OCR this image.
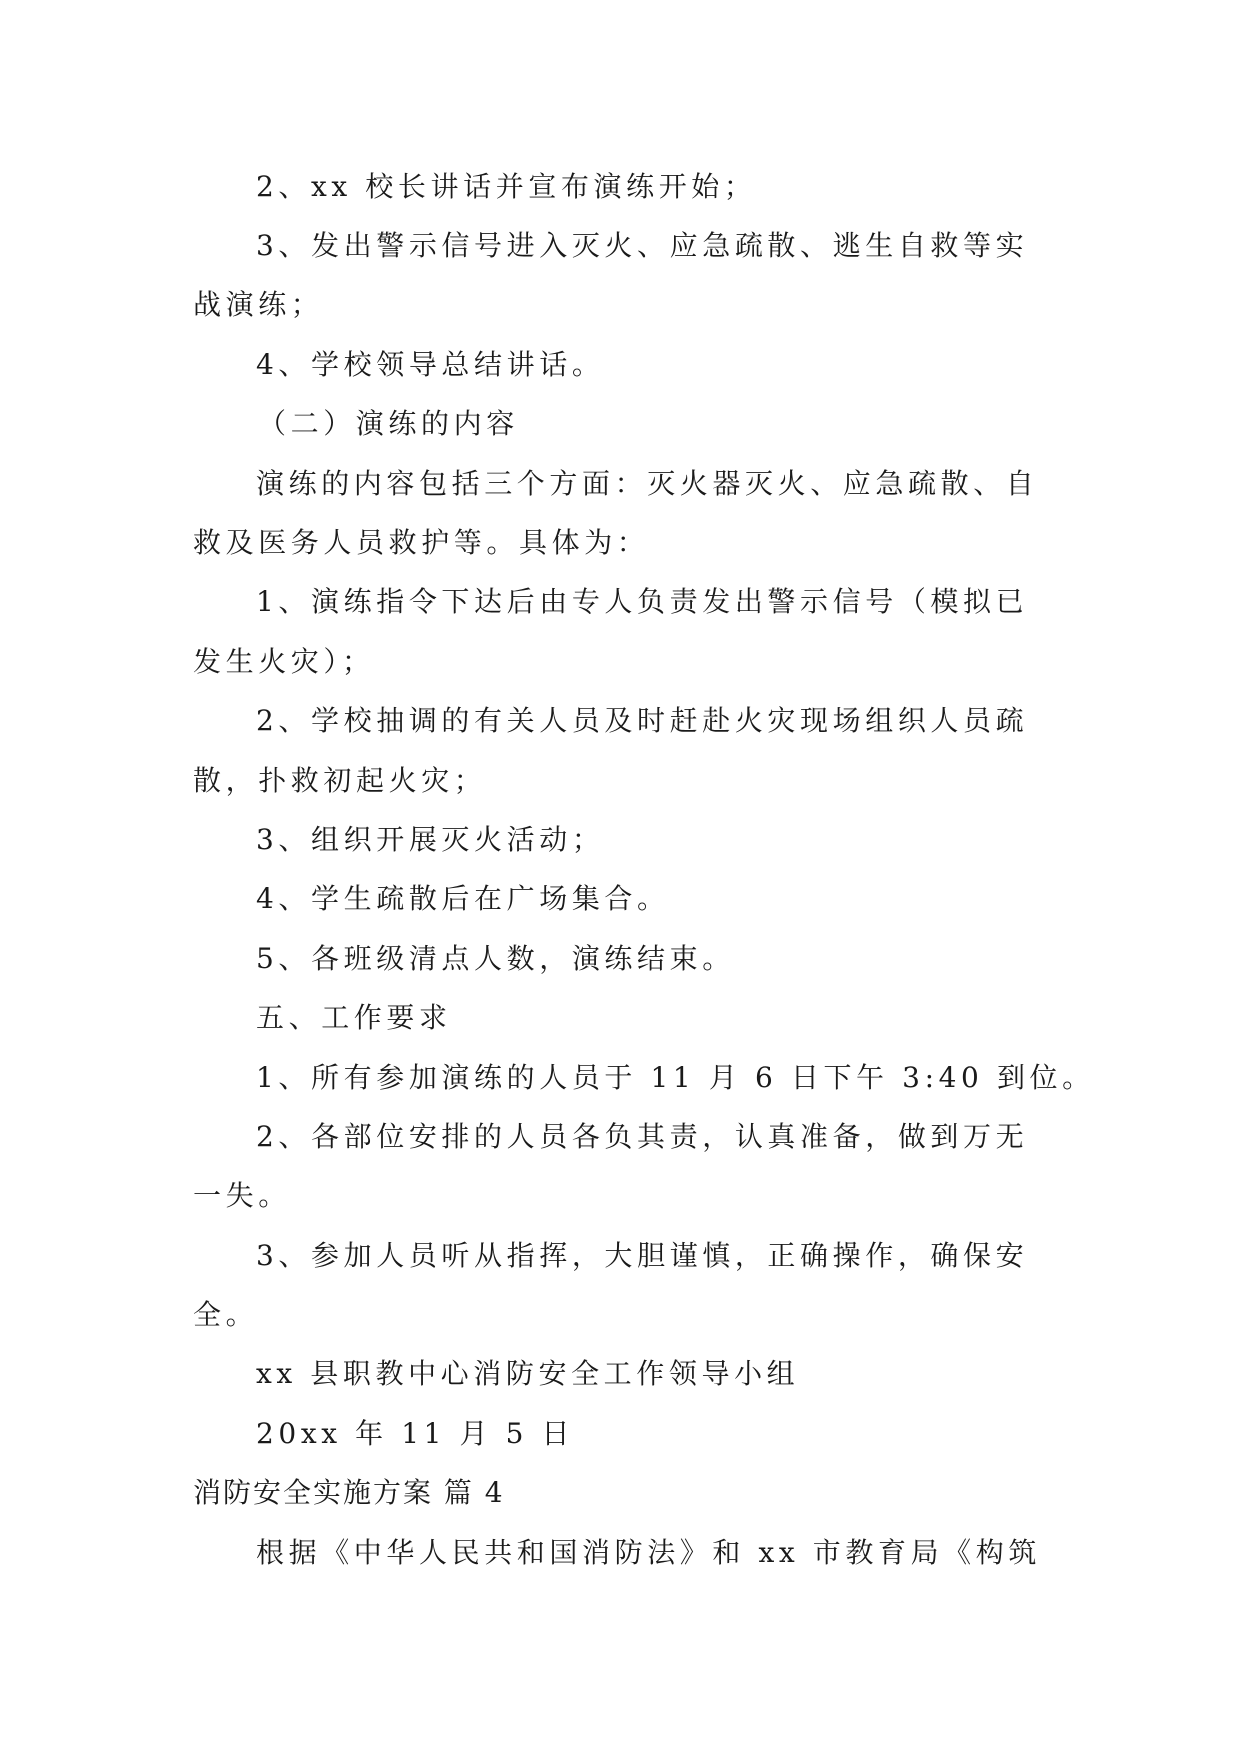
2、xx 校长讲话并宣布演练开始；
3、发出警示信号进入灭火、应急疏散、逃生自救等实
战演练；
4、学校领导总结讲话。
（二）演练的内容
演练的内容包括三个方面：灭火器灭火、应急疏散、自
救及医务人员救护等。具体为：
1、演练指令下达后由专人负责发出警示信号（模拟已
发生火灾）；
2、学校抽调的有关人员及时赶赴火灾现场组织人员疏
散，扑救初起火灾；
3、组织开展灭火活动；
4、学生疏散后在广场集合。
5、各班级清点人数，演练结束。
五、工作要求
1、所有参加演练的人员于 11 月 6 日下午 3:40 到位。
2、各部位安排的人员各负其责，认真准备，做到万无
一失。
3、参加人员听从指挥，大胆谨慎，正确操作，确保安
全。
xx 县职教中心消防安全工作领导小组
20xx 年 11 月 5 日
消防安全实施方案 篇 4
根据《中华人民共和国消防法》和 xx 市教育局《构筑
